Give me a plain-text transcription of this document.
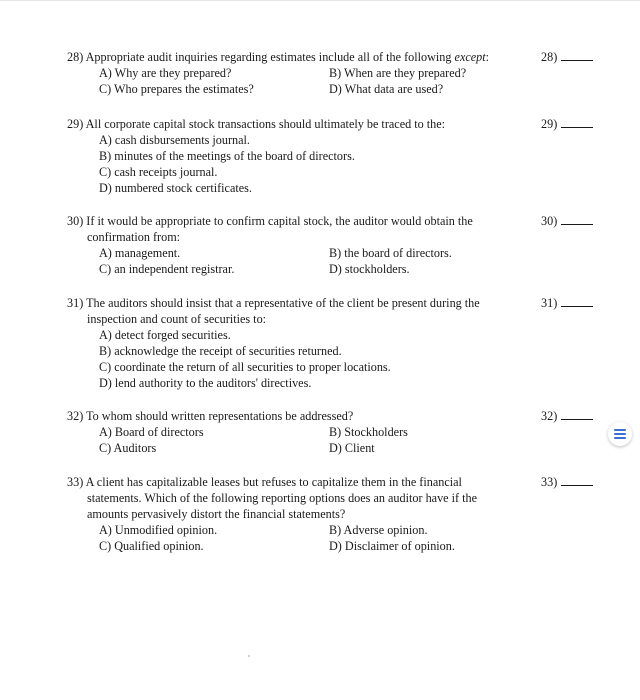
28) Appropriate audit inquiries regarding estimates include all of the following except:
A) Why are they prepared?	B) When are they prepared?
C) Who prepares the estimates?	D) What data are used?
28)
29) All corporate capital stock transactions should ultimately be traced to the:
A) cash disbursements journal.
B) minutes of the meetings of the board of directors.
C) cash receipts journal.
D) numbered stock certificates.
29)
30) If it would be appropriate to confirm capital stock, the auditor would obtain the
confirmation from:
A) management.	B) the board of directors.
C) an independent registrar.	D) stockholders.
30)
31) The auditors should insist that a representative of the client be present during the
inspection and count of securities to:
A) detect forged securities.
B) acknowledge the receipt of securities returned.
C) coordinate the return of all securities to proper locations.
D) lend authority to the auditors' directives.
31)
32) To whom should written representations be addressed?
A) Board of directors	B) Stockholders
C) Auditors	D) Client
32)
33) A client has capitalizable leases but refuses to capitalize them in the financial
statements. Which of the following reporting options does an auditor have if the
amounts pervasively distort the financial statements?
A) Unmodified opinion.	B) Adverse opinion.
C) Qualified opinion.	D) Disclaimer of opinion.
33)
